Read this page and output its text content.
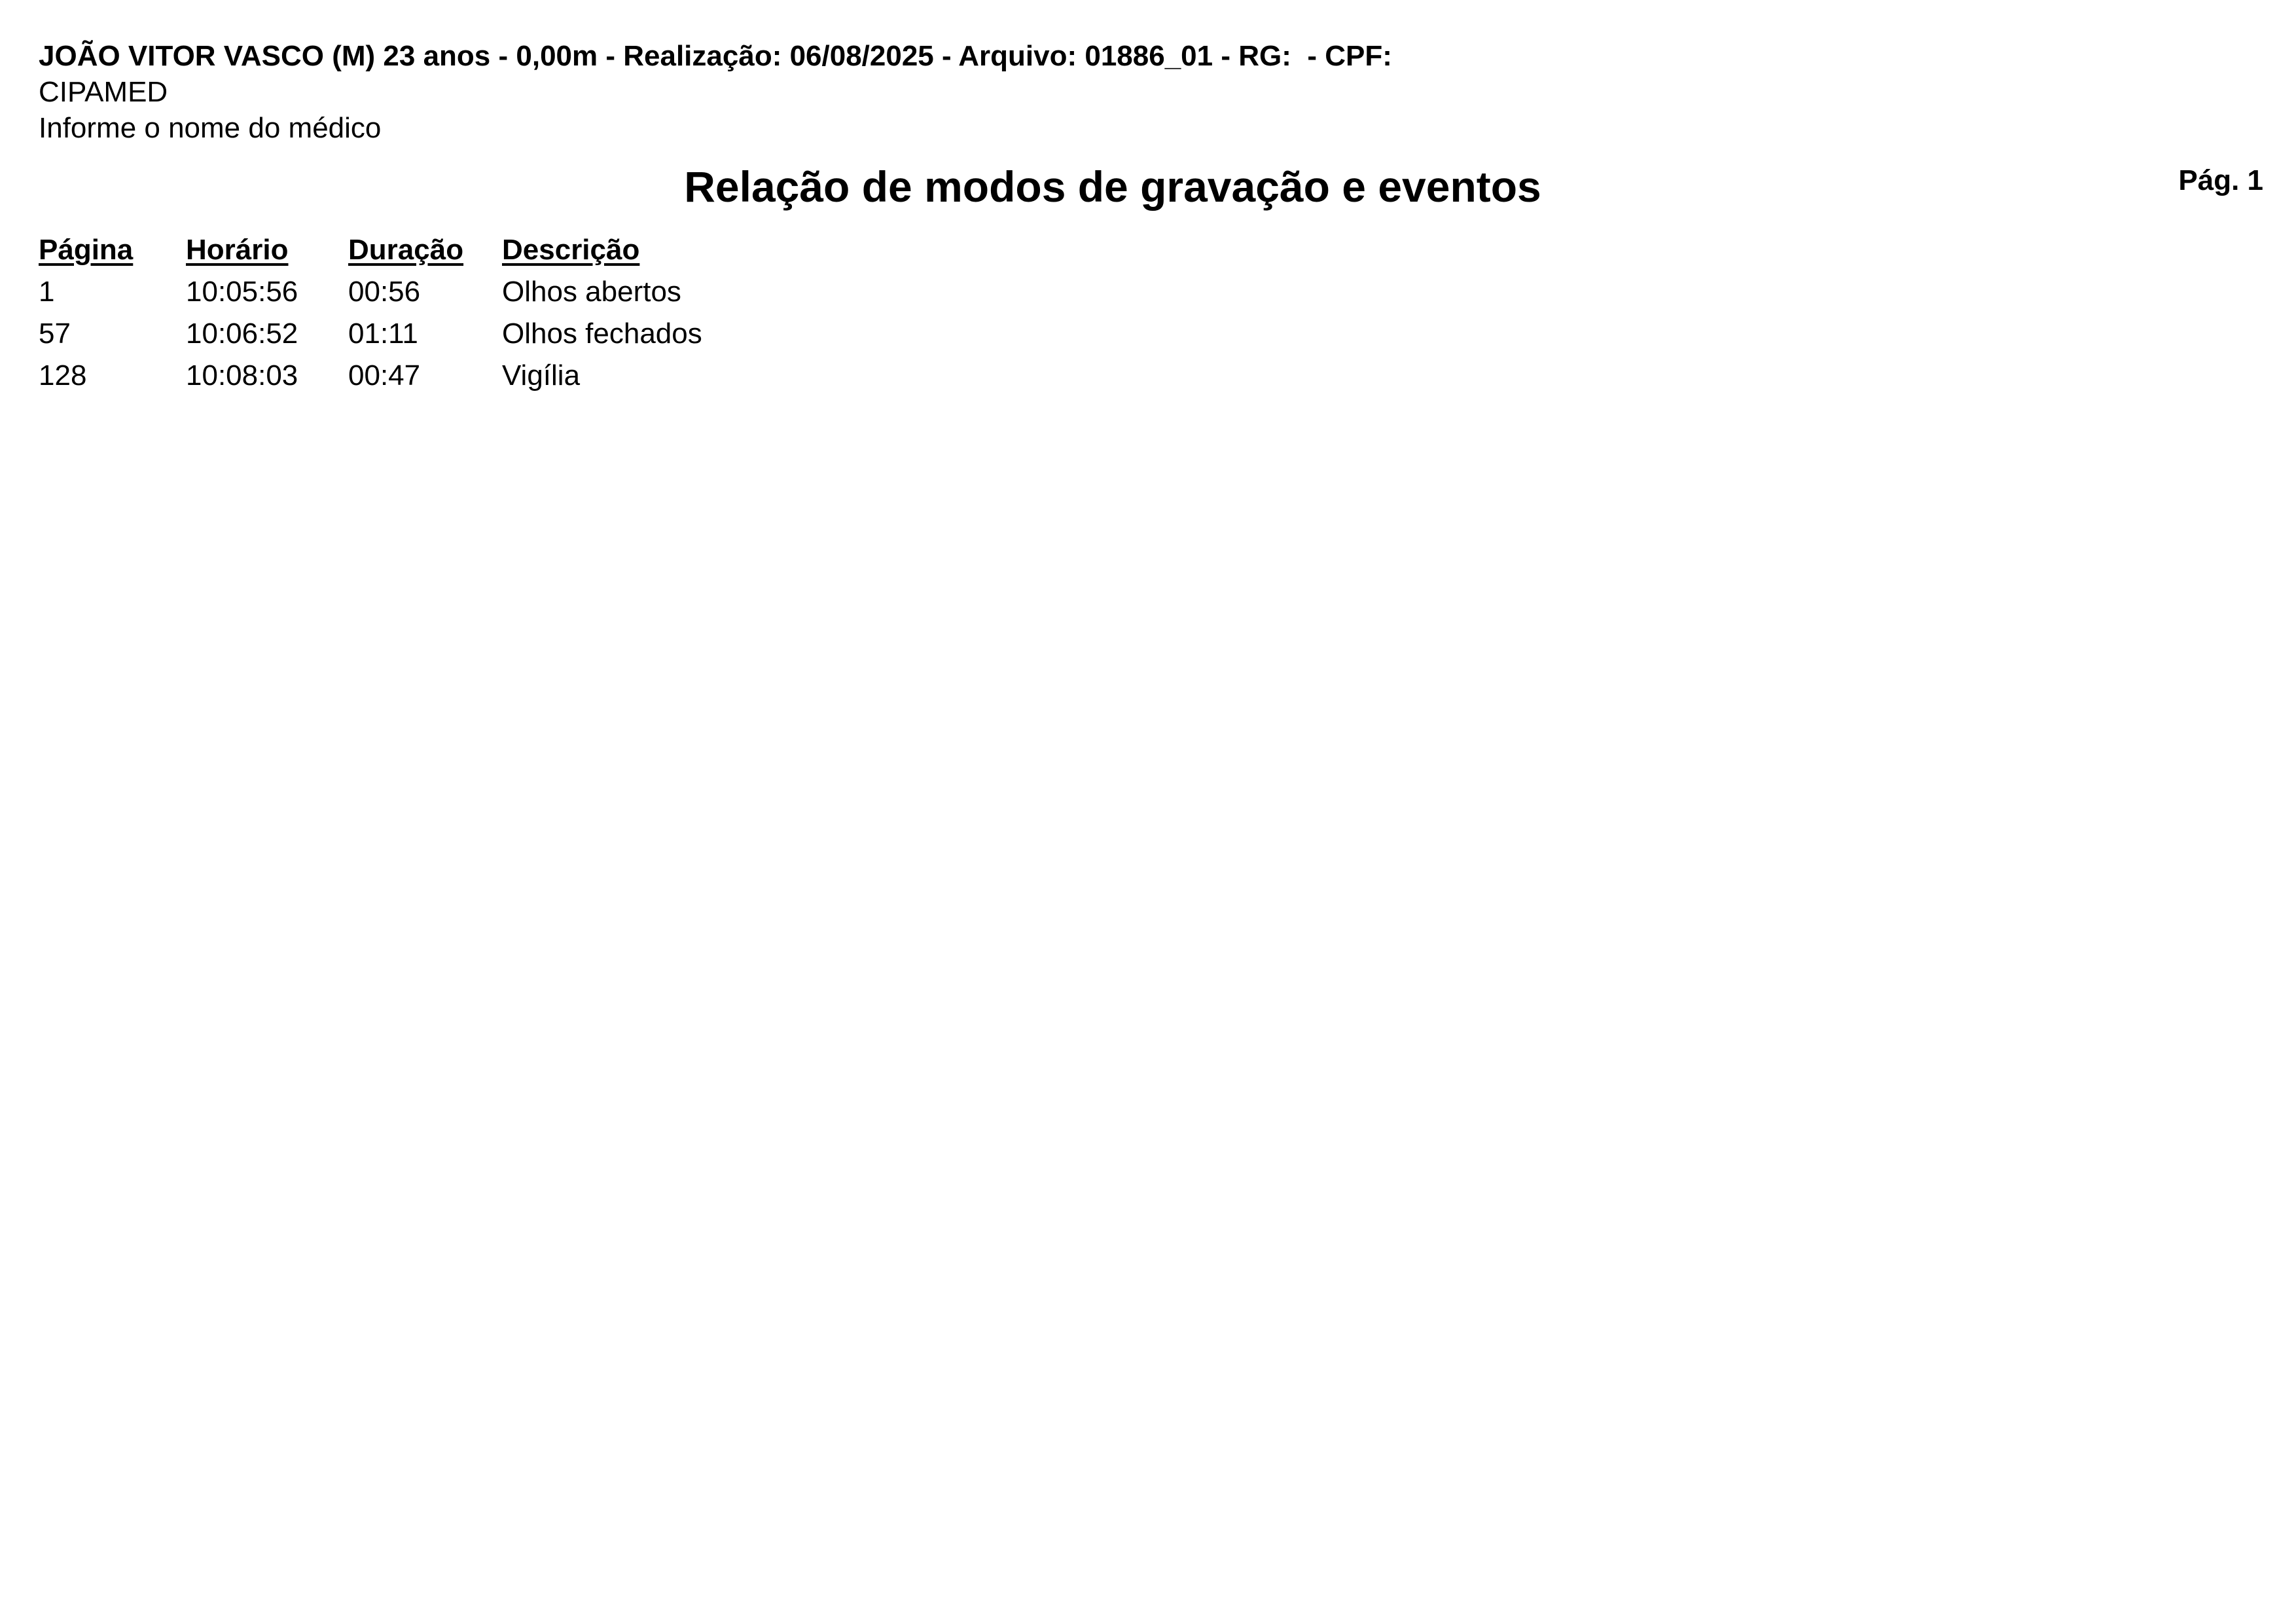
JOÃO VITOR VASCO (M) 23 anos - 0,00m - Realização: 06/08/2025 - Arquivo: 01886_01 - RG:  - CPF:
CIPAMED
Informe o nome do médico
Relação de modos de gravação e eventos	Pág. 1
Página	Horário	Duração	Descrição
1	10:05:56	00:56	Olhos abertos
57	10:06:52	01:11	Olhos fechados
128	10:08:03	00:47	Vigília
